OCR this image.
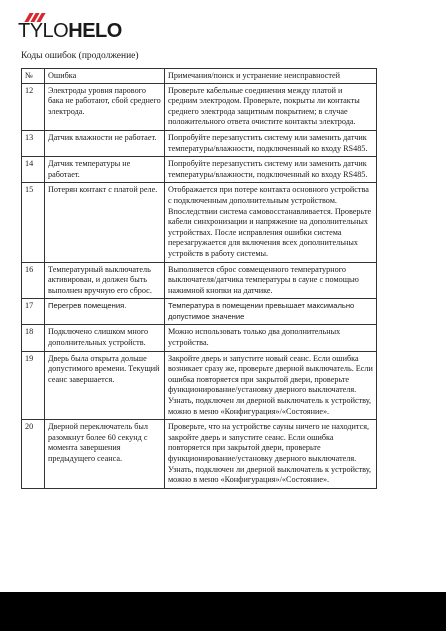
TYLOHELO
Коды ошибок (продолжение)
№	Ошибка	Примечания/поиск и устранение неисправностей
12	Электроды уровня парового бака не работают, сбой среднего электрода.	Проверьте кабельные соединения между платой и средним электродом. Проверьте, покрыты ли контакты среднего электрода защитным покрытием; в случае положительного ответа очистите контакты электрода.
13	Датчик влажности не работает.	Попробуйте перезапустить систему или заменить датчик температуры/влажности, подключенный ко входу RS485.
14	Датчик температуры не работает.	Попробуйте перезапустить систему или заменить датчик температуры/влажности, подключенный ко входу RS485.
15	Потерян контакт с платой реле.	Отображается при потере контакта основного устройства с подключенным дополнительным устройством. Впоследствии система самовосстанавливается. Проверьте кабели синхронизации и напряжение на дополнительных устройствах. После исправления ошибки система перезагружается для включения всех дополнительных устройств в работу системы.
16	Температурный выключатель активирован, и должен быть выполнен вручную его сброс.	Выполняется сброс совмещенного температурного выключателя/датчика температуры в сауне с помощью нажимной кнопки на датчике.
17	Перегрев помещения.	Температура в помещении превышает максимально допустимое значение
18	Подключено слишком много дополнительных устройств.	Можно использовать только два дополнительных устройства.
19	Дверь была открыта дольше допустимого времени. Текущий сеанс завершается.	Закройте дверь и запустите новый сеанс. Если ошибка возникает сразу же, проверьте дверной выключатель. Если ошибка повторяется при закрытой двери, проверьте функционирование/установку дверного выключателя. Узнать, подключен ли дверной выключатель к устройству, можно в меню «Конфигурация»/«Состояние».
20	Дверной переключатель был разомкнут более 60 секунд с момента завершения предыдущего сеанса.	Проверьте, что на устройстве сауны ничего не находится, закройте дверь и запустите сеанс. Если ошибка повторяется при закрытой двери, проверьте функционирование/установку дверного выключателя. Узнать, подключен ли дверной выключатель к устройству, можно в меню «Конфигурация»/«Состояние».
